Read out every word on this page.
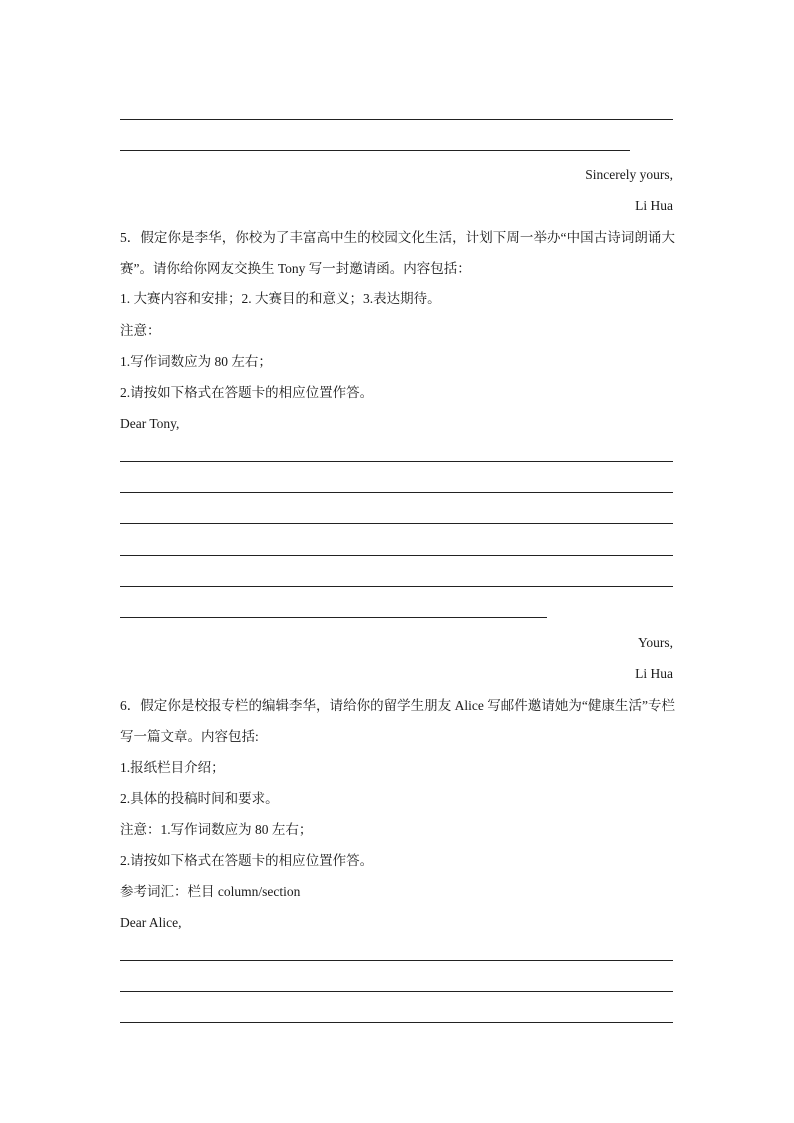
Sincerely yours,
Li Hua
5．假定你是李华，你校为了丰富高中生的校园文化生活，计划下周一举办“中国古诗词朗诵大赛”。请你给你网友交换生 Tony 写一封邀请函。内容包括：
1. 大赛内容和安排；2. 大赛目的和意义；3.表达期待。
注意：
1.写作词数应为 80 左右；
2.请按如下格式在答题卡的相应位置作答。
Dear Tony,
Yours,
Li Hua
6．假定你是校报专栏的编辑李华，请给你的留学生朋友 Alice 写邮件邀请她为“健康生活”专栏写一篇文章。内容包括:
1.报纸栏目介绍；
2.具体的投稿时间和要求。
注意：1.写作词数应为 80 左右；
2.请按如下格式在答题卡的相应位置作答。
参考词汇：栏目 column/section
Dear Alice,
